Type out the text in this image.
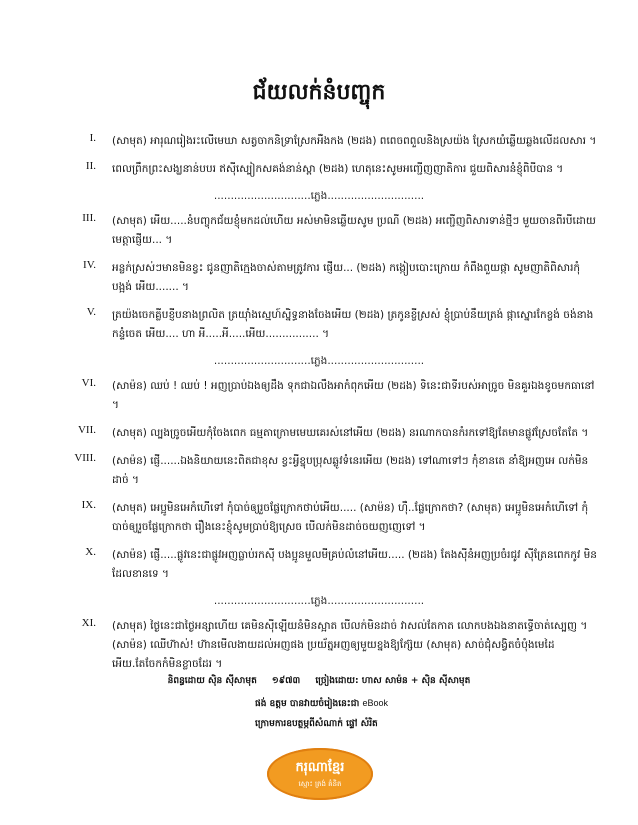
ជ័យលក់នំបញ្ចុក
I. (សាមុត) អារុណរៀងរះលើមេឃា សត្វចាកនិទ្រាស្រែកអឺងកង (២ដង) ពពេចពពួលនិងស្រយ៉ង ស្រែកយំឆ្លើយឆ្លងលើដលសារ ។
II. ពេលព្រឹកព្រះសង្ឃនាន់បបរ ឥសុីស្បៀកសគង់នាន់ស្ពា (២ដង) ហេតុនេះសូមអញ្ជើញញាតិការ ជួយពិសារនំខ្ញុំពិបីបាន ។
.............................ភ្លេង.............................
III. (សាមុត) អើយ.....នំបញ្ចុកជ័យខ្ញុំមកដល់ហើយ អស់មាមិនឆ្លើយសូម ប្រណី (២ដង) អញ្ជើញពិសារទាន់ថ្មីៗ មួយចានពីរបីដោយមេត្តាផ្ញើយ... ។
IV. អន្លក់ស្រស់ៗមានមិនខ្វះ ជូនញាតិក្មេងចាស់តាមត្រូវការ ផ្ញើយ... (២ដង) កង្កៀបបោះក្រោយ កំពឹងពួយផ្កា សូមញាតិពិសារកុំបង្អង់ អើយ....... ។
V. ត្រយ៉ងចេកគ្លីបខ្ញីបនាងព្រលិត ត្រយ៉ាំងស្មេហ៍ស្និទ្ធនាងចែងអើយ (២ដង) ត្រកូនខ្ចីស្រស់ ខ្ញុំប្រាប់នឹយត្រង់ ផ្កាស្នោរកែខ្ចង់ ចង់នាងកន្ទំចេត អើយ.... ហា អី.....អី.....អើយ................ ។
.............................ភ្លេង.............................
VI. (សាម៉ន) ឈប់ ! ឈប់ ! អញប្រាប់ឯងឲ្យដឹង ទុកជាឯលឹងអាកំពុកអើយ (២ដង) ទិនេះជាទីរបស់អាច្រូច មិនគួរឯងខូចមកធានៅ ។
VII. (សាមុត) ល្បងច្រូចអើយកុំចែងពេក ធម្មតាក្រោមមេឃគេរស់នៅអើយ (២ដង) នរណាកបានកំរកទៅឱ្យតែមានផ្លូវស្រែចតែតែ ។
VIII. (សាម៉ន) ផ្ញើ......ឯងនិយាយនេះពិតជាខុស ខ្វះអ្វីខ្នុបប្រុសឆ្លូវទំនេរអើយ (២ដង) ទៅណាទៅៗ កុំខានតេ នាំឱ្យអញអេ លក់មិនដាច់ ។
IX. (សាមុត) អេប្អូមិនអេកំហើទៅ កុំបាច់ឲ្យរួចផ្លែក្រោកថាប់អើយ..... (សាម៉ន) ហ៊ឺ..ផ្លែក្រោកថា? (សាមុត) អេប្អូមិនអេកំហើទៅ កុំបាច់ឲ្យរួចផ្លែក្រោកថា រឿងនេះខ្ញុំសូមប្រាប់ឱ្យស្រេច បើលក់មិនដាច់ចយញញេទៅ ។
X. (សាម៉ន) ផ្ញើ.....ផ្លូវនេះជាផ្លូវអញធ្លាប់រកស៊ី បងប្អូនមួលមីគ្រប់លំនៅអើយ..... (២ដង) តែងស៊ីនំអញប្រចំរជូវ ស៊ីត្រែនពេកកូវ មិនដែលខានទេ ។
.............................ភ្លេង.............................
XI. (សាមុត) ថ្ងៃនេះជាថ្ងៃអន្សាហើយ គេមិនស៊ីឡើយនំមិនស្អាត បើលក់មិនដាច់ វាសល់តែកាត លោកបងឯងនាតទ្ធើចាត់ស្បេញ ។ (សាម៉ន) ឈើហ៊ាស់! ហ៊ានមើលងាយដល់អញផង ប្រយ័ត្នអញឲ្យមួយខ្នងឱ្យក្ស៊ែយ (សាមុត) សាច់ជុំសង្វិតចំបុំងមេដៃ អើយ.តែចែកកំមិនខ្លាចដែរ ។
និពន្ធដោយ ស៊ិន ស៊ីសាមុត ១៩៧៣ ច្រៀងដោយ: ហាស សាម៉ន + ស៊ិន ស៊ីសាមុត
ផង់ ឧត្តម បានវាយចំរៀងនេះជា eBook
ក្រោមការឧបត្ថម្ភពីសំណាក់ ផ្ទៅ សំរិត
ករុណាខ្មែរ
ស្មោះ ត្រង់ គំនិត
